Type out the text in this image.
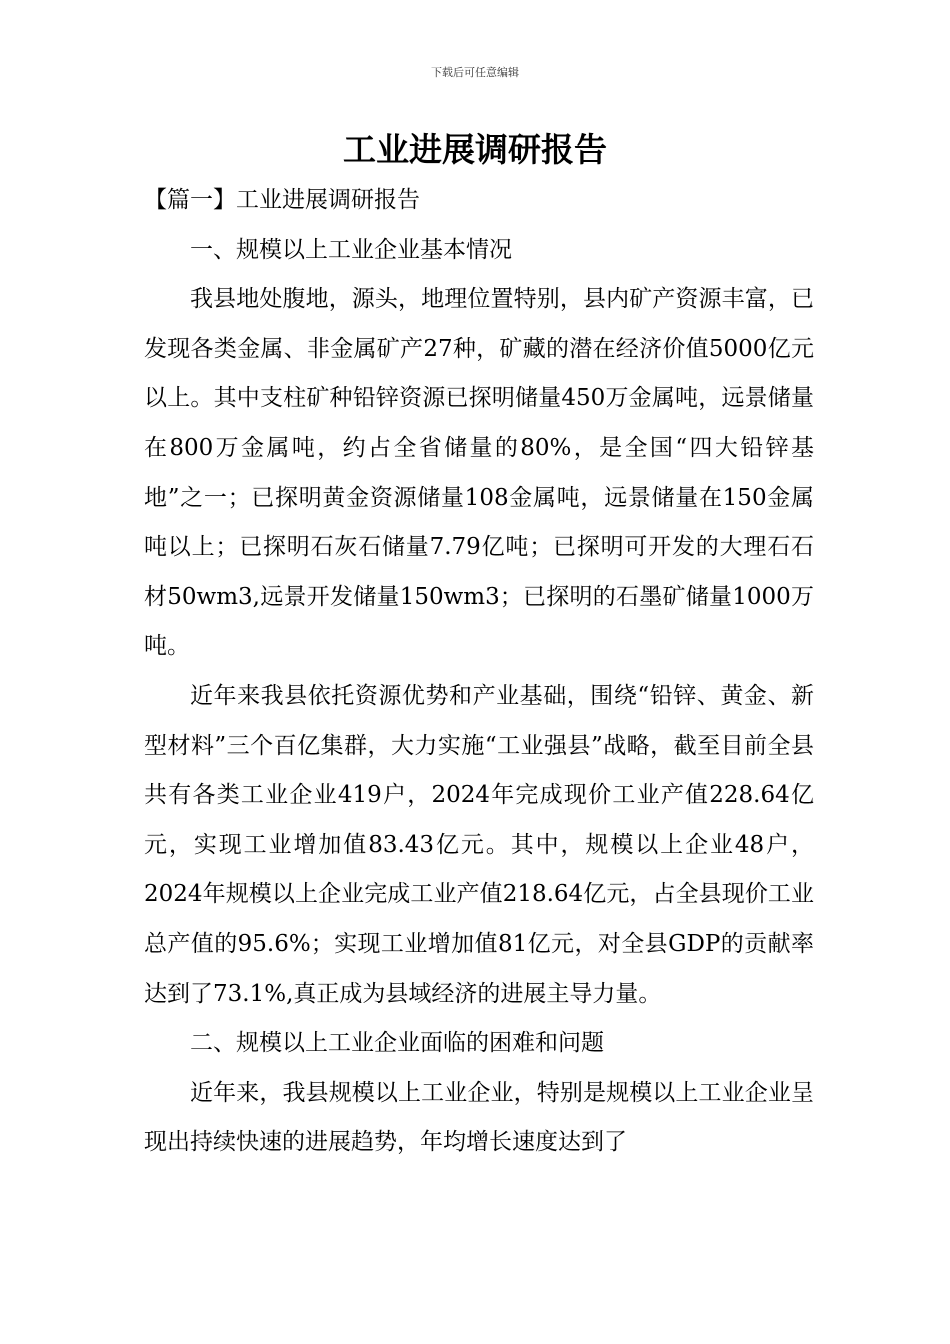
下载后可任意编辑
工业进展调研报告

【篇一】工业进展调研报告

一、规模以上工业企业基本情况

我县地处腹地，源头，地理位置特别，县内矿产资源丰富，已发现各类金属、非金属矿产27种，矿藏的潜在经济价值5000亿元以上。其中支柱矿种铅锌资源已探明储量450万金属吨，远景储量在800万金属吨，约占全省储量的80%，是全国“四大铅锌基地”之一；已探明黄金资源储量108金属吨，远景储量在150金属吨以上；已探明石灰石储量7.79亿吨；已探明可开发的大理石石材50wm3,远景开发储量150wm3；已探明的石墨矿储量1000万吨。

近年来我县依托资源优势和产业基础，围绕“铅锌、黄金、新型材料”三个百亿集群，大力实施“工业强县”战略，截至目前全县共有各类工业企业419户，2024年完成现价工业产值228.64亿元，实现工业增加值83.43亿元。其中，规模以上企业48户，2024年规模以上企业完成工业产值218.64亿元，占全县现价工业总产值的95.6%；实现工业增加值81亿元，对全县GDP的贡献率达到了73.1%,真正成为县域经济的进展主导力量。

二、规模以上工业企业面临的困难和问题

近年来，我县规模以上工业企业，特别是规模以上工业企业呈现出持续快速的进展趋势，年均增长速度达到了
